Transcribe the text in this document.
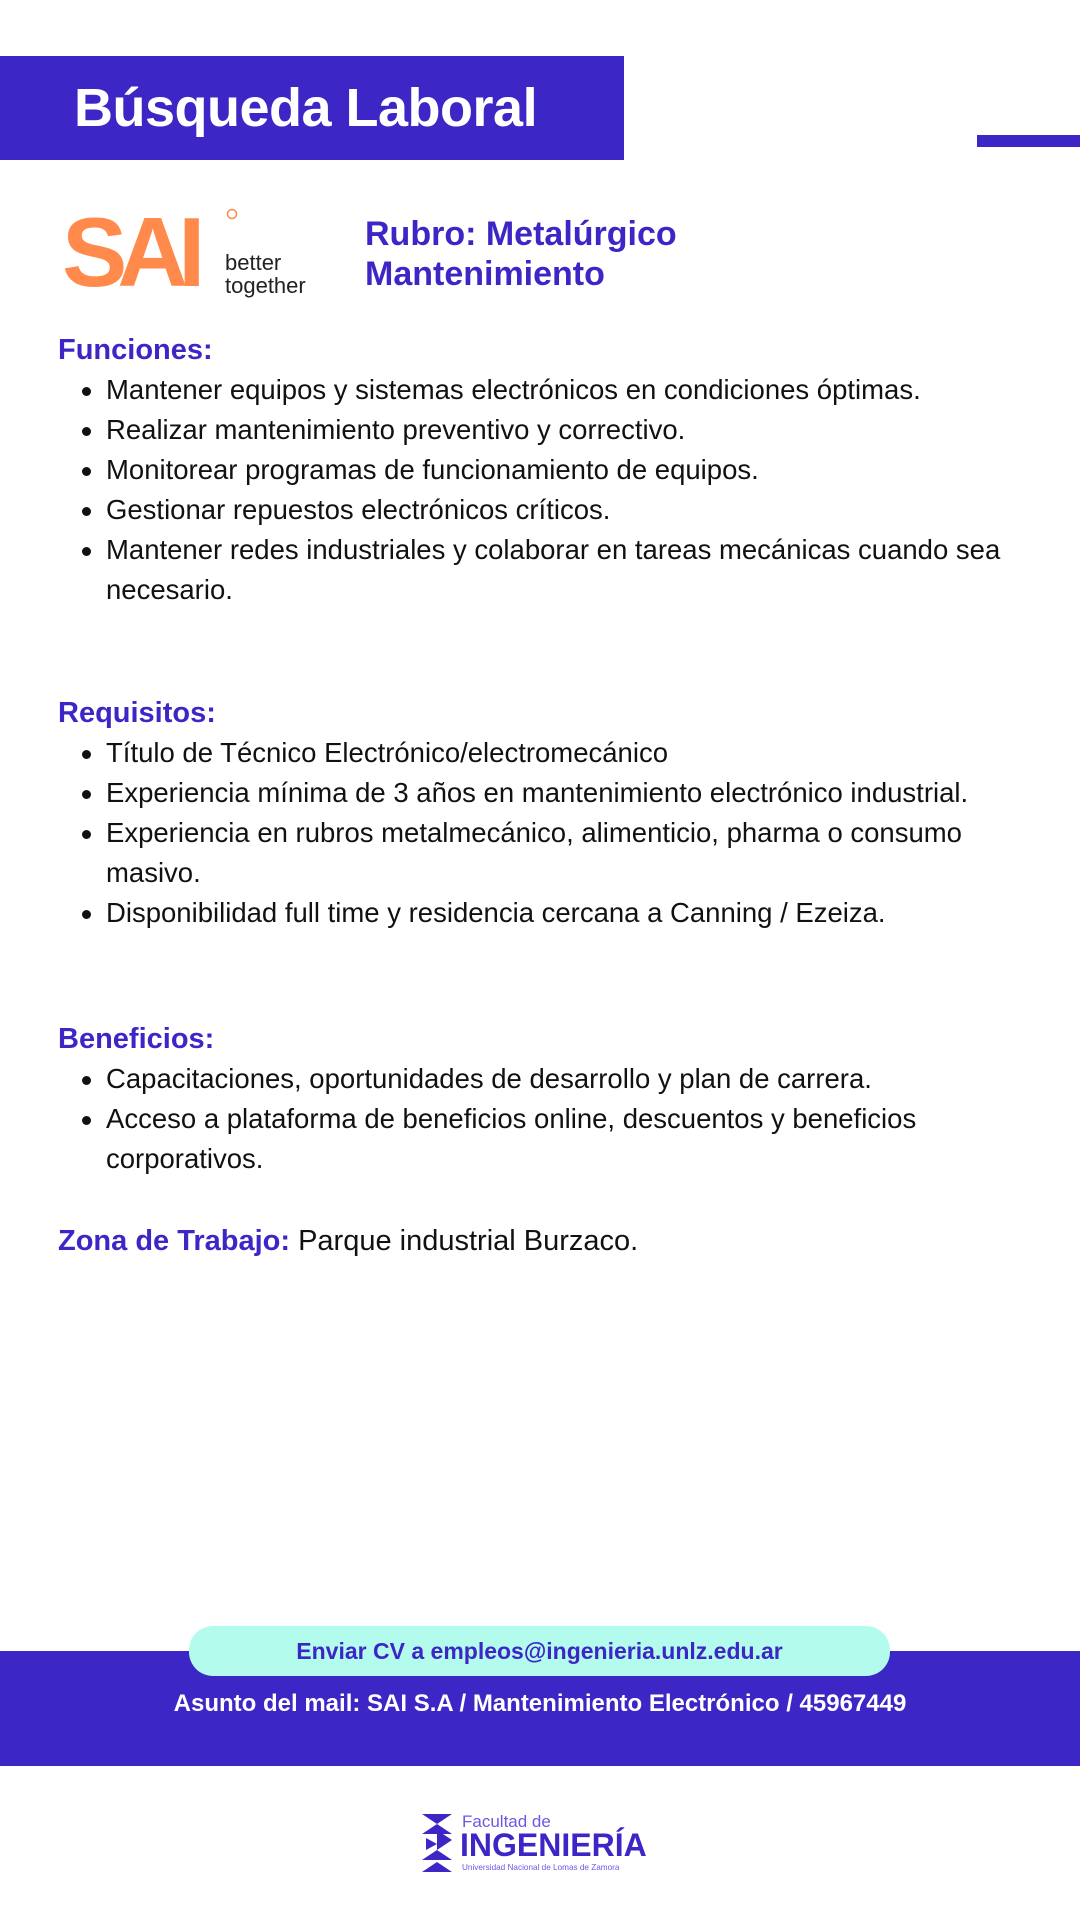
Búsqueda Laboral
SAI better
together
Rubro: Metalúrgico
Mantenimiento
Funciones:
Mantener equipos y sistemas electrónicos en condiciones óptimas.
Realizar mantenimiento preventivo y correctivo.
Monitorear programas de funcionamiento de equipos.
Gestionar repuestos electrónicos críticos.
Mantener redes industriales y colaborar en tareas mecánicas cuando sea necesario.
Requisitos:
Título de Técnico Electrónico/electromecánico
Experiencia mínima de 3 años en mantenimiento electrónico industrial.
Experiencia en rubros metalmecánico, alimenticio, pharma o consumo masivo.
Disponibilidad full time y residencia cercana a Canning / Ezeiza.
Beneficios:
Capacitaciones, oportunidades de desarrollo y plan de carrera.
Acceso a plataforma de beneficios online, descuentos y beneficios corporativos.
Zona de Trabajo: Parque industrial Burzaco.
Enviar CV a empleos@ingenieria.unlz.edu.ar
Asunto del mail: SAI S.A / Mantenimiento Electrónico / 45967449
Facultad de
INGENIERÍA
Universidad Nacional de Lomas de Zamora
